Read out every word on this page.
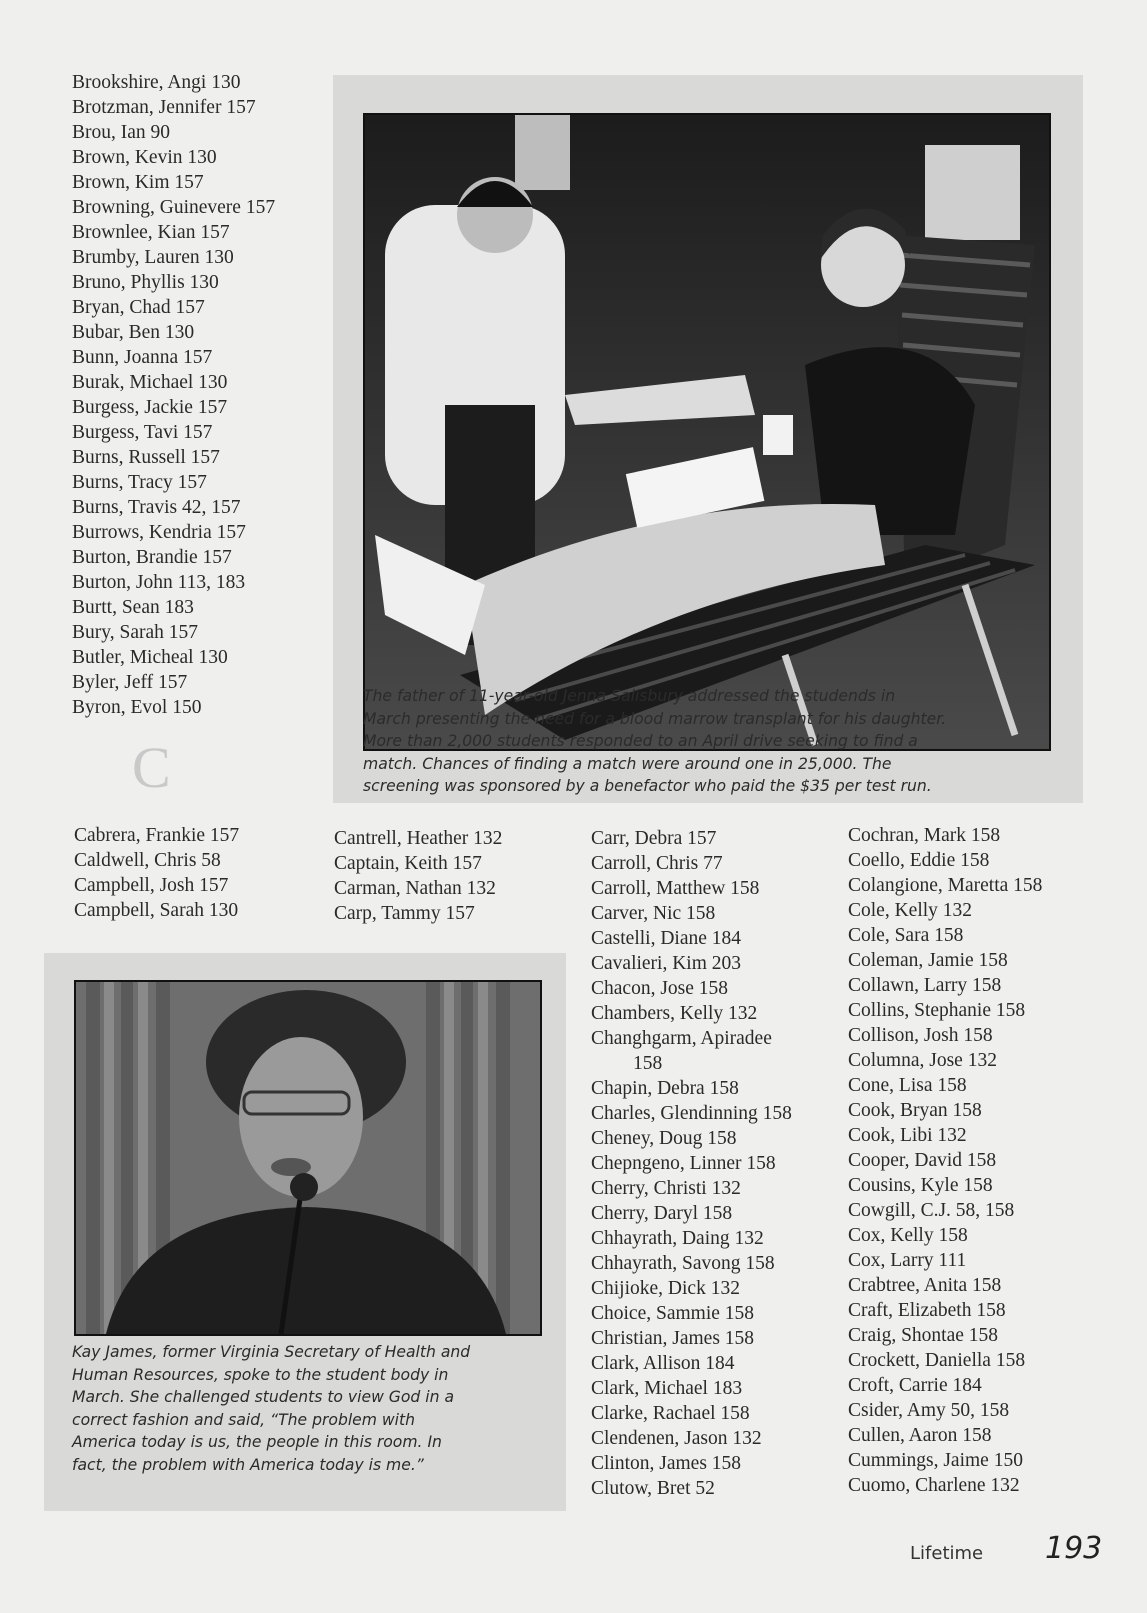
Brookshire, Angi 130
Brotzman, Jennifer 157
Brou, Ian 90
Brown, Kevin 130
Brown, Kim 157
Browning, Guinevere 157
Brownlee, Kian 157
Brumby, Lauren 130
Bruno, Phyllis 130
Bryan, Chad 157
Bubar, Ben 130
Bunn, Joanna 157
Burak, Michael 130
Burgess, Jackie 157
Burgess, Tavi 157
Burns, Russell 157
Burns, Tracy 157
Burns, Travis 42, 157
Burrows, Kendria 157
Burton, Brandie 157
Burton, John 113, 183
Burtt, Sean 183
Bury, Sarah 157
Butler, Micheal 130
Byler, Jeff 157
Byron, Evol 150
C
The father of 11-year-old Jenna Salisbury addressed the studends in
March presenting the need for a blood marrow transplant for his daughter.
More than 2,000 students responded to an April drive seeking to find a
match. Chances of finding a match were around one in 25,000. The
screening was sponsored by a benefactor who paid the $35 per test run.
Cabrera, Frankie 157
Caldwell, Chris 58
Campbell, Josh 157
Campbell, Sarah 130
Cantrell, Heather 132
Captain, Keith 157
Carman, Nathan 132
Carp, Tammy 157
Carr, Debra 157
Carroll, Chris 77
Carroll, Matthew 158
Carver, Nic 158
Castelli, Diane 184
Cavalieri, Kim 203
Chacon, Jose 158
Chambers, Kelly 132
Changhgarm, Apiradee
158
Chapin, Debra 158
Charles, Glendinning 158
Cheney, Doug 158
Chepngeno, Linner 158
Cherry, Christi 132
Cherry, Daryl 158
Chhayrath, Daing 132
Chhayrath, Savong 158
Chijioke, Dick 132
Choice, Sammie 158
Christian, James 158
Clark, Allison 184
Clark, Michael 183
Clarke, Rachael 158
Clendenen, Jason 132
Clinton, James 158
Clutow, Bret 52
Cochran, Mark 158
Coello, Eddie 158
Colangione, Maretta 158
Cole, Kelly 132
Cole, Sara 158
Coleman, Jamie 158
Collawn, Larry 158
Collins, Stephanie 158
Collison, Josh 158
Columna, Jose 132
Cone, Lisa 158
Cook, Bryan 158
Cook, Libi 132
Cooper, David 158
Cousins, Kyle 158
Cowgill, C.J. 58, 158
Cox, Kelly 158
Cox, Larry 111
Crabtree, Anita 158
Craft, Elizabeth 158
Craig, Shontae 158
Crockett, Daniella 158
Croft, Carrie 184
Csider, Amy 50, 158
Cullen, Aaron 158
Cummings, Jaime 150
Cuomo, Charlene 132
Kay James, former Virginia Secretary of Health and
Human Resources, spoke to the student body in
March. She challenged students to view God in a
correct fashion and said, “The problem with
America today is us, the people in this room. In
fact, the problem with America today is me.”
Lifetime 193
